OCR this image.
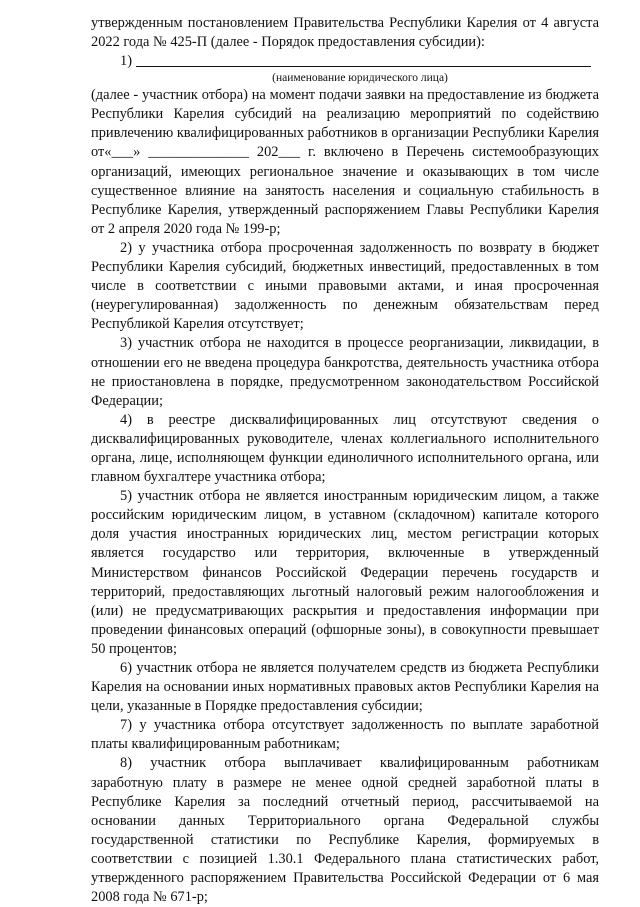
утвержденным постановлением Правительства Республики Карелия от 4 августа 2022 года № 425-П (далее - Порядок предоставления субсидии):

1)
(наименование юридического лица)

(далее - участник отбора) на момент подачи заявки на предоставление из бюджета Республики Карелия субсидий на реализацию мероприятий по содействию привлечению квалифицированных работников в организации Республики Карелия от«___» ______________ 202___ г. включено в Перечень системообразующих организаций, имеющих региональное значение и оказывающих в том числе существенное влияние на занятость населения и социальную стабильность в Республике Карелия, утвержденный распоряжением Главы Республики Карелия от 2 апреля 2020 года № 199-р;

2) у участника отбора просроченная задолженность по возврату в бюджет Республики Карелия субсидий, бюджетных инвестиций, предоставленных в том числе в соответствии с иными правовыми актами, и иная просроченная (неурегулированная) задолженность по денежным обязательствам перед Республикой Карелия отсутствует;

3) участник отбора не находится в процессе реорганизации, ликвидации, в отношении его не введена процедура банкротства, деятельность участника отбора не приостановлена в порядке, предусмотренном законодательством Российской Федерации;

4) в реестре дисквалифицированных лиц отсутствуют сведения о дисквалифицированных руководителе, членах коллегиального исполнительного органа, лице, исполняющем функции единоличного исполнительного органа, или главном бухгалтере участника отбора;

5) участник отбора не является иностранным юридическим лицом, а также российским юридическим лицом, в уставном (складочном) капитале которого доля участия иностранных юридических лиц, местом регистрации которых является государство или территория, включенные в утвержденный Министерством финансов Российской Федерации перечень государств и территорий, предоставляющих льготный налоговый режим налогообложения и (или) не предусматривающих раскрытия и предоставления информации при проведении финансовых операций (офшорные зоны), в совокупности превышает 50 процентов;

6) участник отбора не является получателем средств из бюджета Республики Карелия на основании иных нормативных правовых актов Республики Карелия на цели, указанные в Порядке предоставления субсидии;

7) у участника отбора отсутствует задолженность по выплате заработной платы квалифицированным работникам;

8) участник отбора выплачивает квалифицированным работникам заработную плату в размере не менее одной средней заработной платы в Республике Карелия за последний отчетный период, рассчитываемой на основании данных Территориального органа Федеральной службы государственной статистики по Республике Карелия, формируемых в соответствии с позицией 1.30.1 Федерального плана статистических работ, утвержденного распоряжением Правительства Российской Федерации от 6 мая 2008 года № 671-р;
